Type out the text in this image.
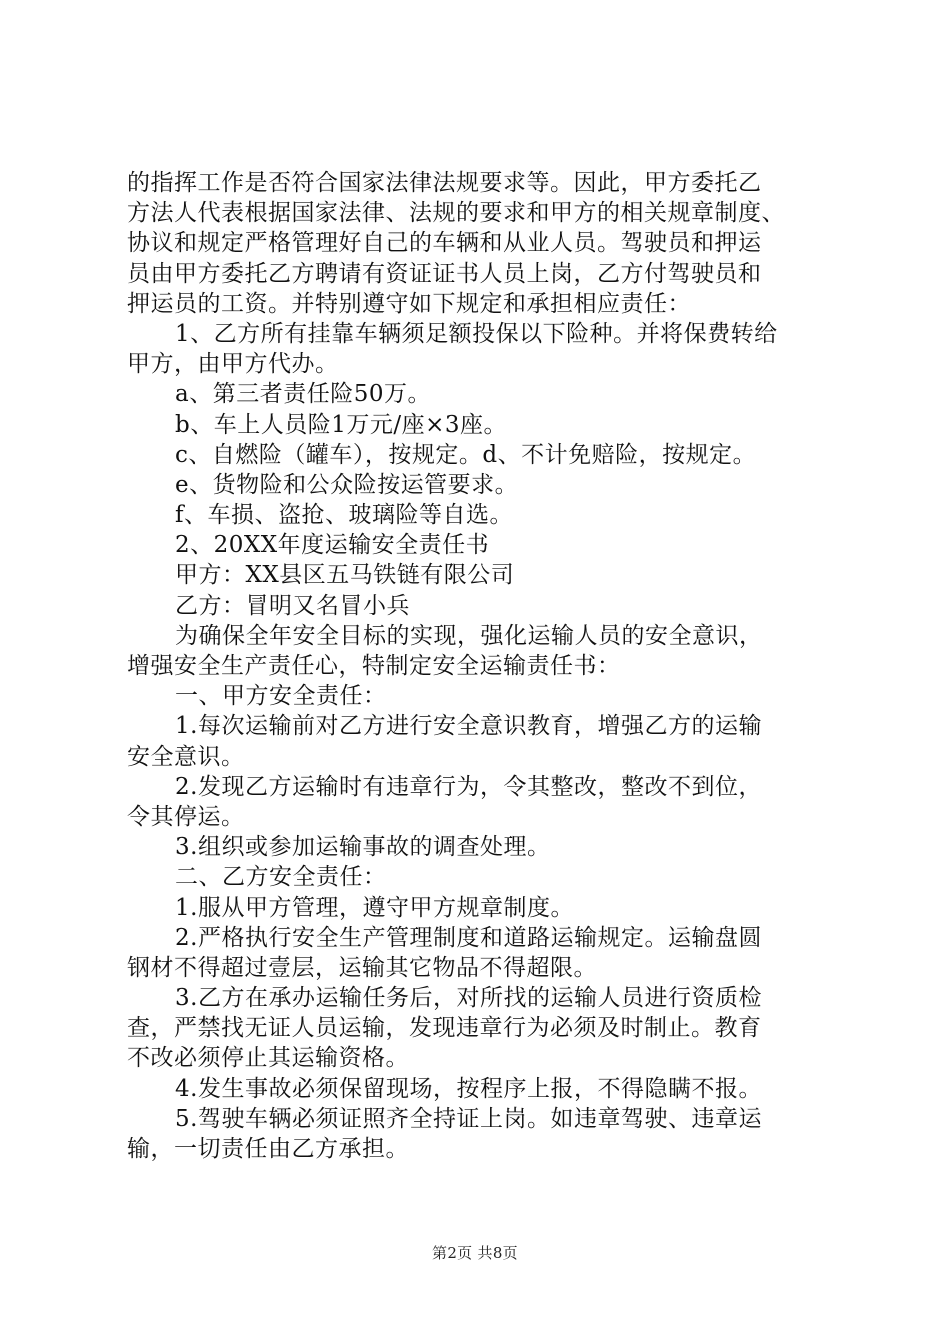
的指挥工作是否符合国家法律法规要求等。因此，甲方委托乙
方法人代表根据国家法律、法规的要求和甲方的相关规章制度、
协议和规定严格管理好自己的车辆和从业人员。驾驶员和押运
员由甲方委托乙方聘请有资证证书人员上岗，乙方付驾驶员和
押运员的工资。并特别遵守如下规定和承担相应责任：
1、乙方所有挂靠车辆须足额投保以下险种。并将保费转给
甲方，由甲方代办。
a、第三者责任险50万。
b、车上人员险1万元/座×3座。
c、自燃险（罐车），按规定。d、不计免赔险，按规定。
e、货物险和公众险按运管要求。
f、车损、盗抢、玻璃险等自选。
2、20XX年度运输安全责任书
甲方：XX县区五马铁链有限公司
乙方：冒明又名冒小兵
为确保全年安全目标的实现，强化运输人员的安全意识，
增强安全生产责任心，特制定安全运输责任书：
一、甲方安全责任：
1.每次运输前对乙方进行安全意识教育，增强乙方的运输
安全意识。
2.发现乙方运输时有违章行为，令其整改，整改不到位，
令其停运。
3.组织或参加运输事故的调查处理。
二、乙方安全责任：
1.服从甲方管理，遵守甲方规章制度。
2.严格执行安全生产管理制度和道路运输规定。运输盘圆
钢材不得超过壹层，运输其它物品不得超限。
3.乙方在承办运输任务后，对所找的运输人员进行资质检
查，严禁找无证人员运输，发现违章行为必须及时制止。教育
不改必须停止其运输资格。
4.发生事故必须保留现场，按程序上报，不得隐瞒不报。
5.驾驶车辆必须证照齐全持证上岗。如违章驾驶、违章运
输，一切责任由乙方承担。
第2页 共8页
